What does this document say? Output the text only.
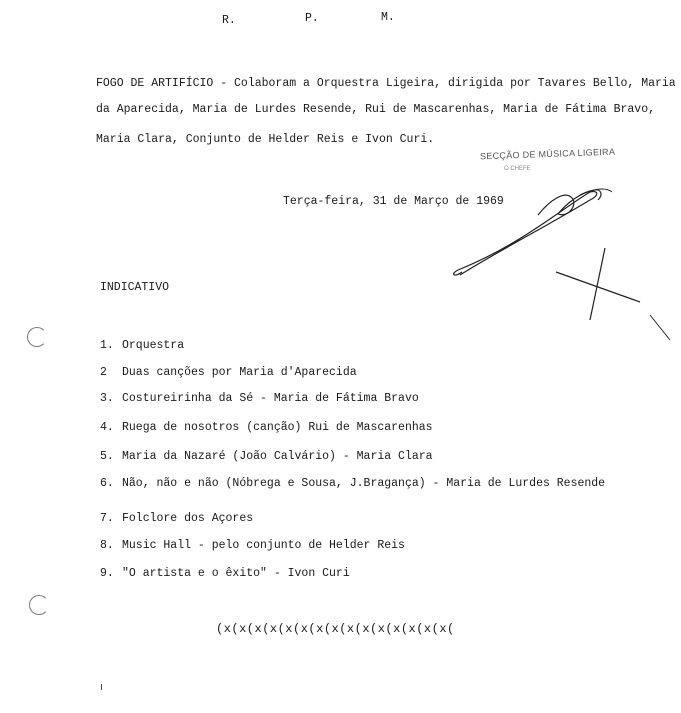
R.	P.	M.
FOGO DE ARTIFÍCIO - Colaboram a Orquestra Ligeira, dirigida por Tavares Bello, Maria
da Aparecida, Maria de Lurdes Resende, Rui de Mascarenhas, Maria de Fátima Bravo,
Maria Clara, Conjunto de Helder Reis e Ivon Curi.
SECÇÃO DE MÚSICA LIGEIRA
O CHEFE
Terça-feira, 31 de Março de 1969
INDICATIVO
1. Orquestra
2 Duas canções por Maria d'Aparecida
3. Costureirinha da Sé - Maria de Fátima Bravo
4. Ruega de nosotros (canção) Rui de Mascarenhas
5. Maria da Nazaré (João Calvário) - Maria Clara
6. Não, não e não (Nóbrega e Sousa, J.Bragança) - Maria de Lurdes Resende
7. Folclore dos Açores
8. Music Hall - pelo conjunto de Helder Reis
9. "O artista e o êxito" - Ivon Curi
(x(x(x(x(x(x(x(x(x(x(x(x(x(x(x(
